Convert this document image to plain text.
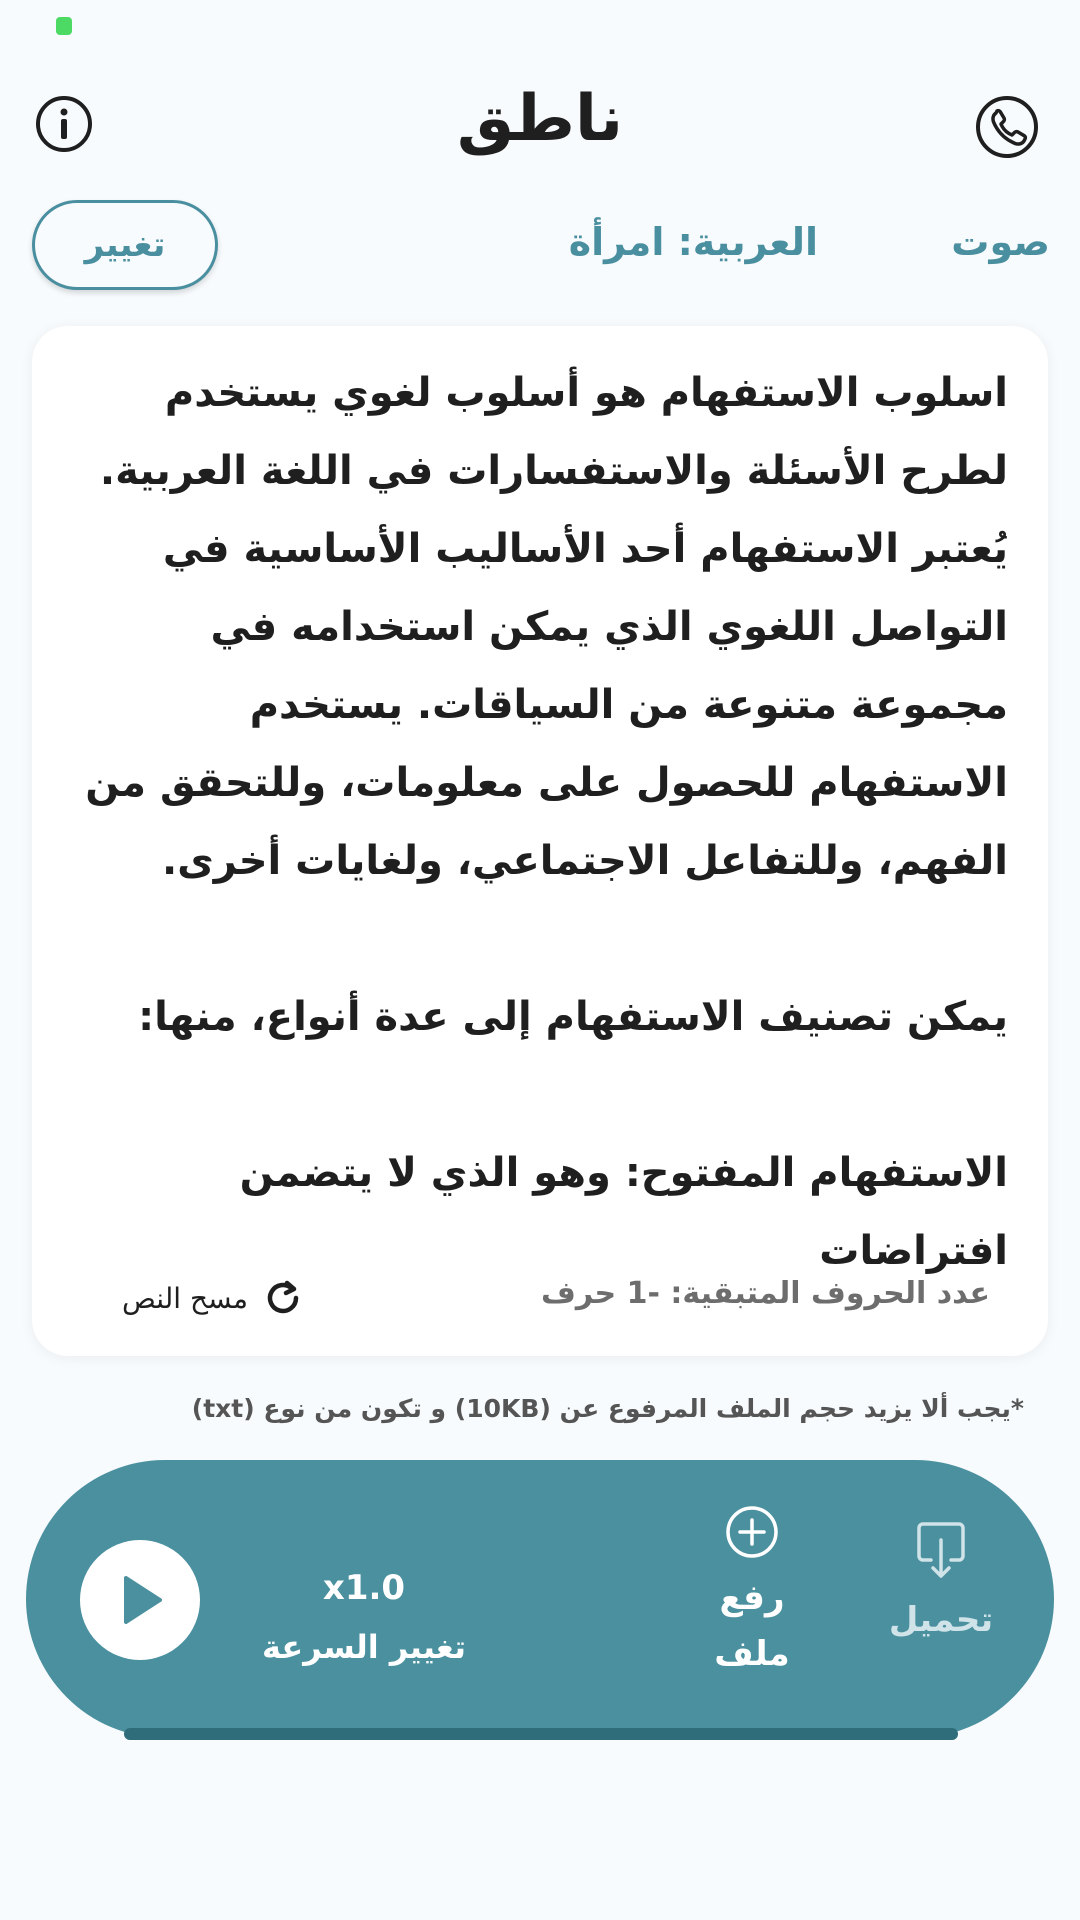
ناطق
تغيير	العربية: امرأة	صوت
اسلوب الاستفهام هو أسلوب لغوي يستخدم لطرح الأسئلة والاستفسارات في اللغة العربية. يُعتبر الاستفهام أحد الأساليب الأساسية في التواصل اللغوي الذي يمكن استخدامه في مجموعة متنوعة من السياقات. يستخدم الاستفهام للحصول على معلومات، وللتحقق من الفهم، وللتفاعل الاجتماعي، ولغايات أخرى.

يمكن تصنيف الاستفهام إلى عدة أنواع، منها:

الاستفهام المفتوح: وهو الذي لا يتضمن افتراضات
عدد الحروف المتبقية: -1 حرف
مسح النص
*يجب ألا يزيد حجم الملف المرفوع عن (10KB) و تكون من نوع (txt)
x1.0
تغيير السرعة
رفع
ملف
تحميل
